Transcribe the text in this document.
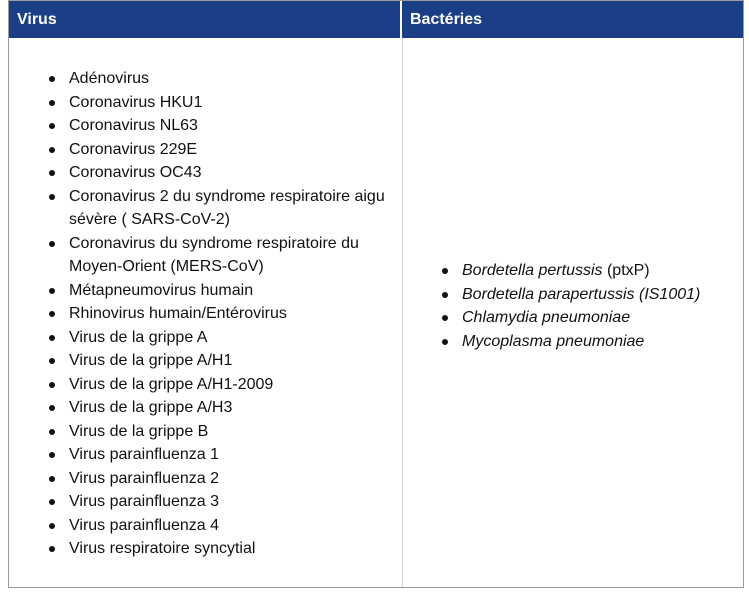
Virus	Bactéries
Adénovirus
Coronavirus HKU1
Coronavirus NL63
Coronavirus 229E
Coronavirus OC43
Coronavirus 2 du syndrome respiratoire aigu sévère ( SARS-CoV-2)
Coronavirus du syndrome respiratoire du Moyen-Orient (MERS-CoV)
Métapneumovirus humain
Rhinovirus humain/Entérovirus
Virus de la grippe A
Virus de la grippe A/H1
Virus de la grippe A/H1-2009
Virus de la grippe A/H3
Virus de la grippe B
Virus parainfluenza 1
Virus parainfluenza 2
Virus parainfluenza 3
Virus parainfluenza 4
Virus respiratoire syncytial
Bordetella pertussis (ptxP)
Bordetella parapertussis (IS1001)
Chlamydia pneumoniae
Mycoplasma pneumoniae
